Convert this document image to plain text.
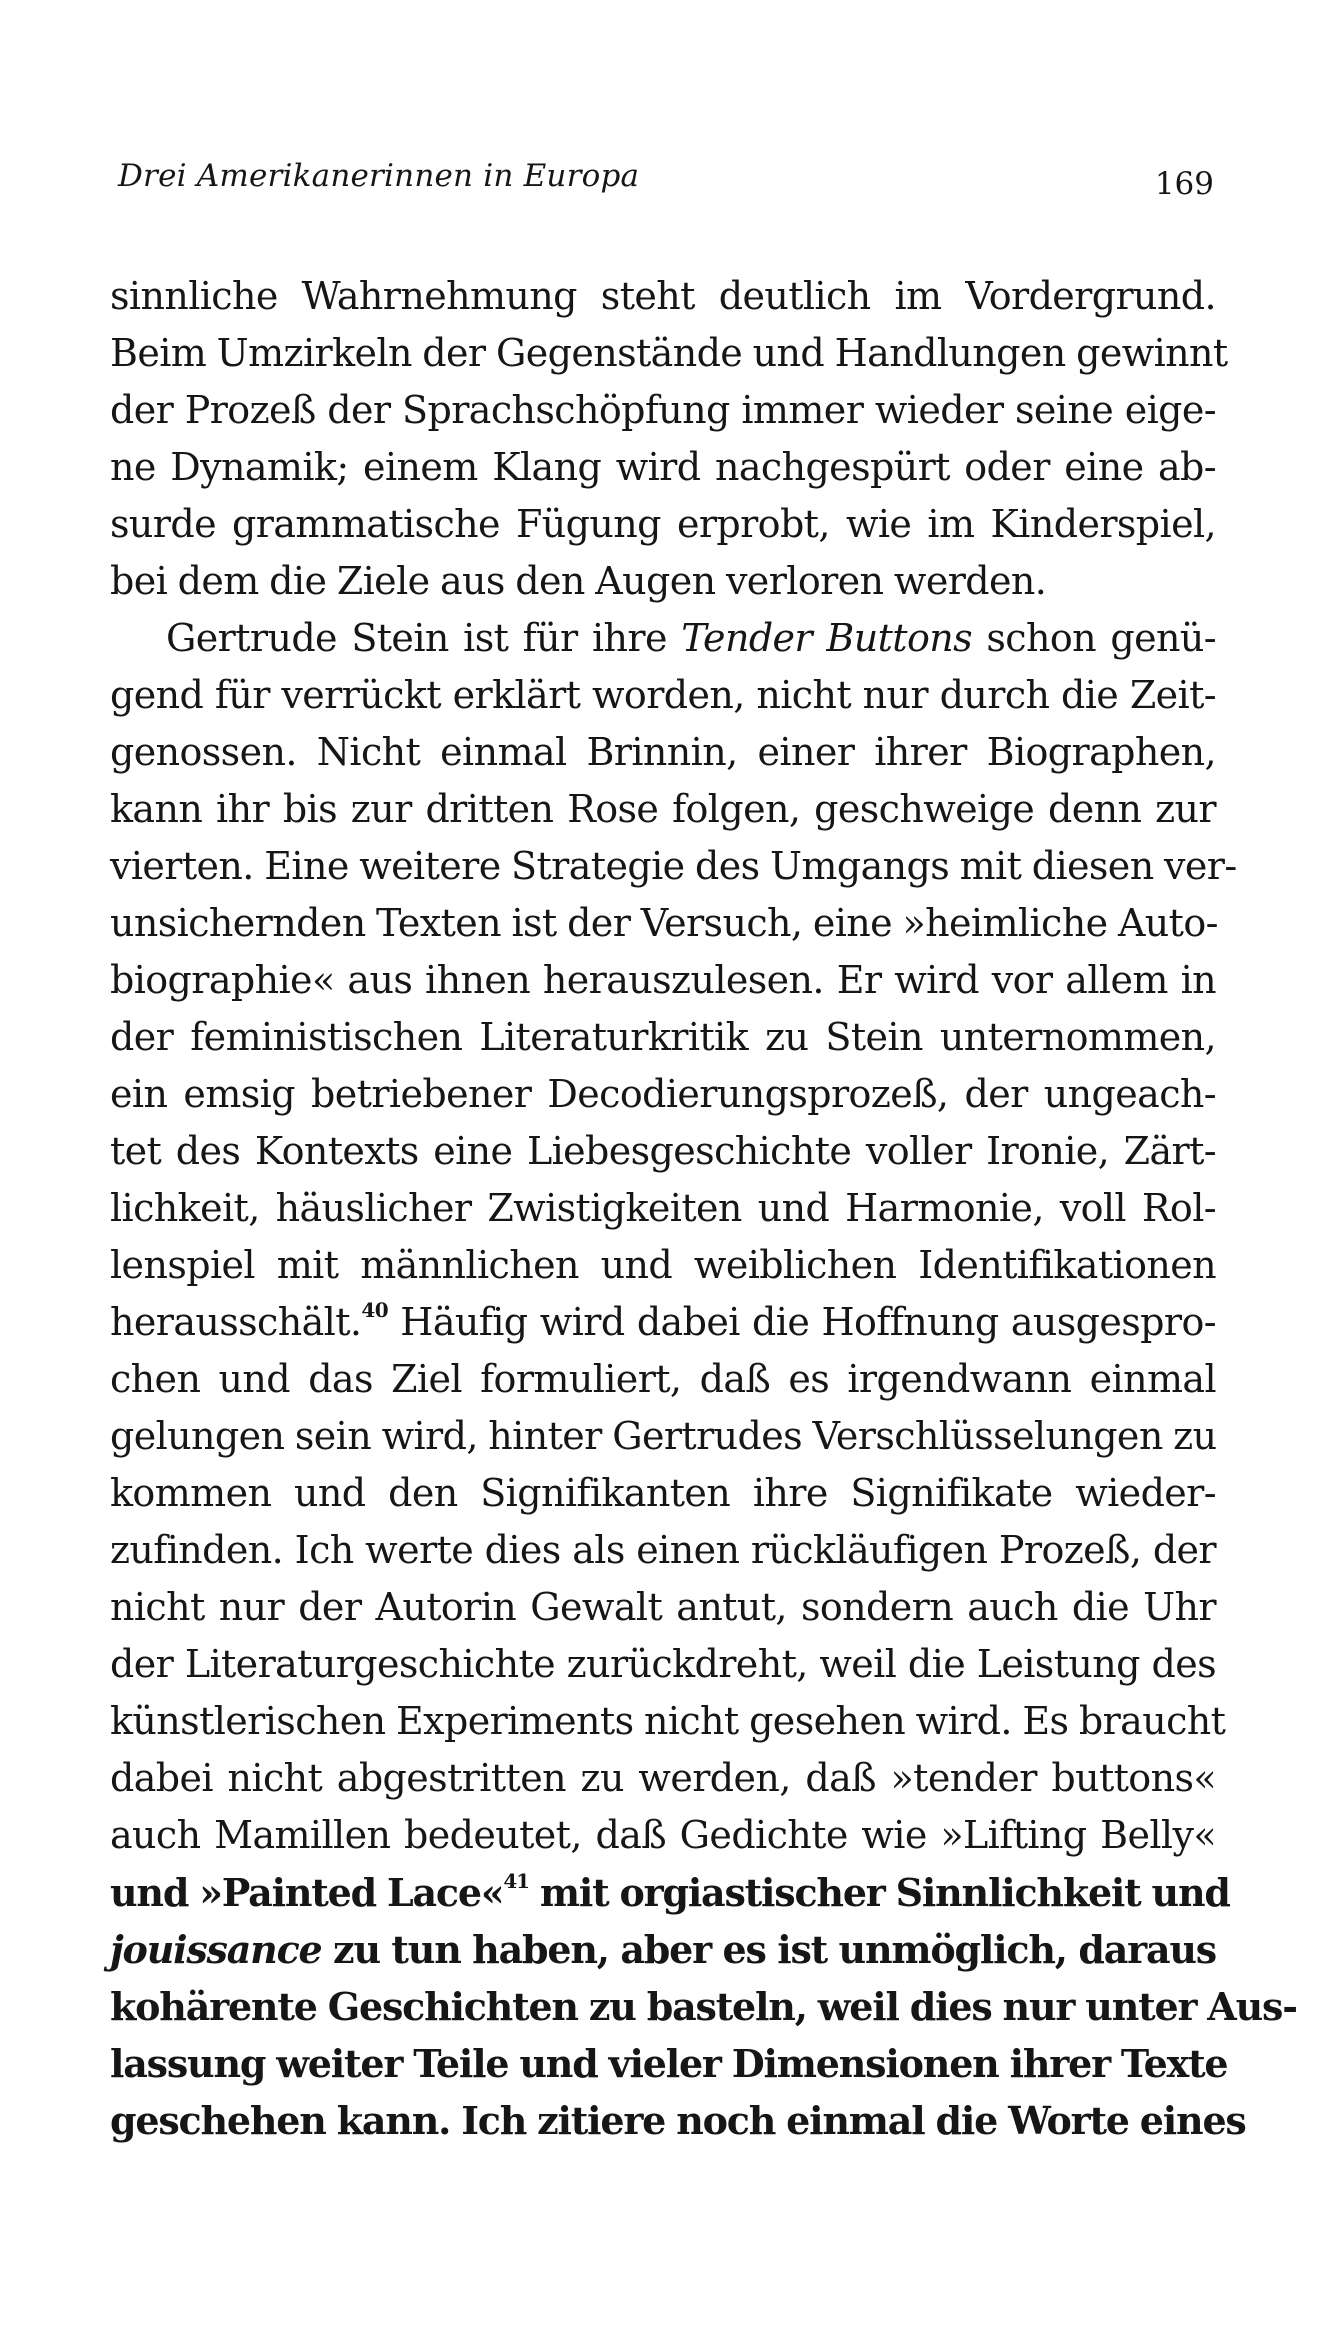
Drei Amerikanerinnen in Europa	169
sinnliche Wahrnehmung steht deutlich im Vordergrund.
Beim Umzirkeln der Gegenstände und Handlungen gewinnt
der Prozeß der Sprachschöpfung immer wieder seine eige-
ne Dynamik; einem Klang wird nachgespürt oder eine ab-
surde grammatische Fügung erprobt, wie im Kinderspiel,
bei dem die Ziele aus den Augen verloren werden.
Gertrude Stein ist für ihre Tender Buttons schon genü-
gend für verrückt erklärt worden, nicht nur durch die Zeit-
genossen. Nicht einmal Brinnin, einer ihrer Biographen,
kann ihr bis zur dritten Rose folgen, geschweige denn zur
vierten. Eine weitere Strategie des Umgangs mit diesen ver-
unsichernden Texten ist der Versuch, eine »heimliche Auto-
biographie« aus ihnen herauszulesen. Er wird vor allem in
der feministischen Literaturkritik zu Stein unternommen,
ein emsig betriebener Decodierungsprozeß, der ungeach-
tet des Kontexts eine Liebesgeschichte voller Ironie, Zärt-
lichkeit, häuslicher Zwistigkeiten und Harmonie, voll Rol-
lenspiel mit männlichen und weiblichen Identifikationen
herausschält.$^{40}$ Häufig wird dabei die Hoffnung ausgespro-
chen und das Ziel formuliert, daß es irgendwann einmal
gelungen sein wird, hinter Gertrudes Verschlüsselungen zu
kommen und den Signifikanten ihre Signifikate wieder-
zufinden. Ich werte dies als einen rückläufigen Prozeß, der
nicht nur der Autorin Gewalt antut, sondern auch die Uhr
der Literaturgeschichte zurückdreht, weil die Leistung des
künstlerischen Experiments nicht gesehen wird. Es braucht
dabei nicht abgestritten zu werden, daß »tender buttons«
auch Mamillen bedeutet, daß Gedichte wie »Lifting Belly«
und »Painted Lace«$^{41}$ mit orgiastischer Sinnlichkeit und
jouissance zu tun haben, aber es ist unmöglich, daraus
kohärente Geschichten zu basteln, weil dies nur unter Aus-
lassung weiter Teile und vieler Dimensionen ihrer Texte
geschehen kann. Ich zitiere noch einmal die Worte eines
